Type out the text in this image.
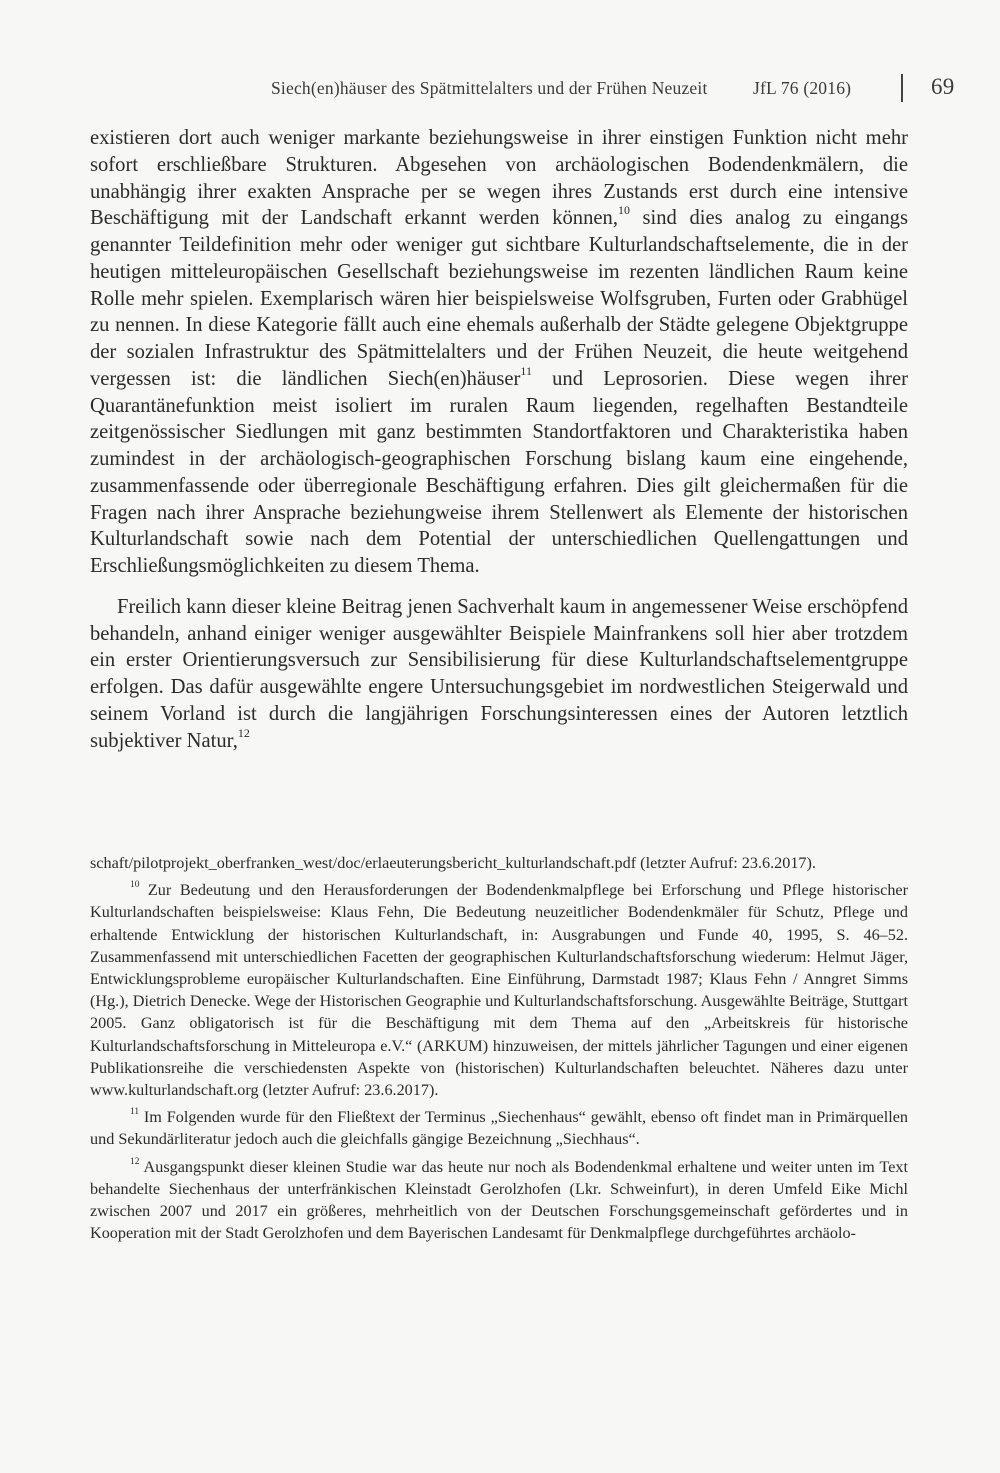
Siech(en)häuser des Spätmittelalters und der Frühen Neuzeit	JfL 76 (2016)	69

existieren dort auch weniger markante beziehungsweise in ihrer einstigen Funktion nicht mehr sofort erschließbare Strukturen. Abgesehen von archäologischen Bodendenkmälern, die unabhängig ihrer exakten Ansprache per se wegen ihres Zustands erst durch eine intensive Beschäftigung mit der Landschaft erkannt werden können,$^{10}$ sind dies analog zu eingangs genannter Teildefinition mehr oder weniger gut sichtbare Kulturlandschaftselemente, die in der heutigen mitteleuropäischen Gesellschaft beziehungsweise im rezenten ländlichen Raum keine Rolle mehr spielen. Exemplarisch wären hier beispielsweise Wolfsgruben, Furten oder Grabhügel zu nennen. In diese Kategorie fällt auch eine ehemals außerhalb der Städte gelegene Objektgruppe der sozialen Infrastruktur des Spätmittelalters und der Frühen Neuzeit, die heute weitgehend vergessen ist: die ländlichen Siech(en)häuser$^{11}$ und Leprosorien. Diese wegen ihrer Quarantänefunktion meist isoliert im ruralen Raum liegenden, regelhaften Bestandteile zeitgenössischer Siedlungen mit ganz bestimmten Standortfaktoren und Charakteristika haben zumindest in der archäologisch-geographischen Forschung bislang kaum eine eingehende, zusammenfassende oder überregionale Beschäftigung erfahren. Dies gilt gleichermaßen für die Fragen nach ihrer Ansprache beziehungweise ihrem Stellenwert als Elemente der historischen Kulturlandschaft sowie nach dem Potential der unterschiedlichen Quellengattungen und Erschließungsmöglichkeiten zu diesem Thema.

Freilich kann dieser kleine Beitrag jenen Sachverhalt kaum in angemessener Weise erschöpfend behandeln, anhand einiger weniger ausgewählter Beispiele Mainfrankens soll hier aber trotzdem ein erster Orientierungsversuch zur Sensibilisierung für diese Kulturlandschaftselementgruppe erfolgen. Das dafür ausgewählte engere Untersuchungsgebiet im nordwestlichen Steigerwald und seinem Vorland ist durch die langjährigen Forschungsinteressen eines der Autoren letztlich subjektiver Natur,$^{12}$

schaft/pilotprojekt_oberfranken_west/doc/erlaeuterungsbericht_kulturlandschaft.pdf (letzter Aufruf: 23.6.2017).

$^{10}$ Zur Bedeutung und den Herausforderungen der Bodendenkmalpflege bei Erforschung und Pflege historischer Kulturlandschaften beispielsweise: Klaus Fehn, Die Bedeutung neuzeitlicher Bodendenkmäler für Schutz, Pflege und erhaltende Entwicklung der historischen Kulturlandschaft, in: Ausgrabungen und Funde 40, 1995, S. 46–52. Zusammenfassend mit unterschiedlichen Facetten der geographischen Kulturlandschaftsforschung wiederum: Helmut Jäger, Entwicklungsprobleme europäischer Kulturlandschaften. Eine Einführung, Darmstadt 1987; Klaus Fehn / Anngret Simms (Hg.), Dietrich Denecke. Wege der Historischen Geographie und Kulturlandschaftsforschung. Ausgewählte Beiträge, Stuttgart 2005. Ganz obligatorisch ist für die Beschäftigung mit dem Thema auf den „Arbeitskreis für historische Kulturlandschaftsforschung in Mitteleuropa e.V.“ (ARKUM) hinzuweisen, der mittels jährlicher Tagungen und einer eigenen Publikationsreihe die verschiedensten Aspekte von (historischen) Kulturlandschaften beleuchtet. Näheres dazu unter www.kulturlandschaft.org (letzter Aufruf: 23.6.2017).

$^{11}$ Im Folgenden wurde für den Fließtext der Terminus „Siechenhaus“ gewählt, ebenso oft findet man in Primärquellen und Sekundärliteratur jedoch auch die gleichfalls gängige Bezeichnung „Siechhaus“.

$^{12}$ Ausgangspunkt dieser kleinen Studie war das heute nur noch als Bodendenkmal erhaltene und weiter unten im Text behandelte Siechenhaus der unterfränkischen Kleinstadt Gerolzhofen (Lkr. Schweinfurt), in deren Umfeld Eike Michl zwischen 2007 und 2017 ein größeres, mehrheitlich von der Deutschen Forschungsgemeinschaft gefördertes und in Kooperation mit der Stadt Gerolzhofen und dem Bayerischen Landesamt für Denkmalpflege durchgeführtes archäolo-
